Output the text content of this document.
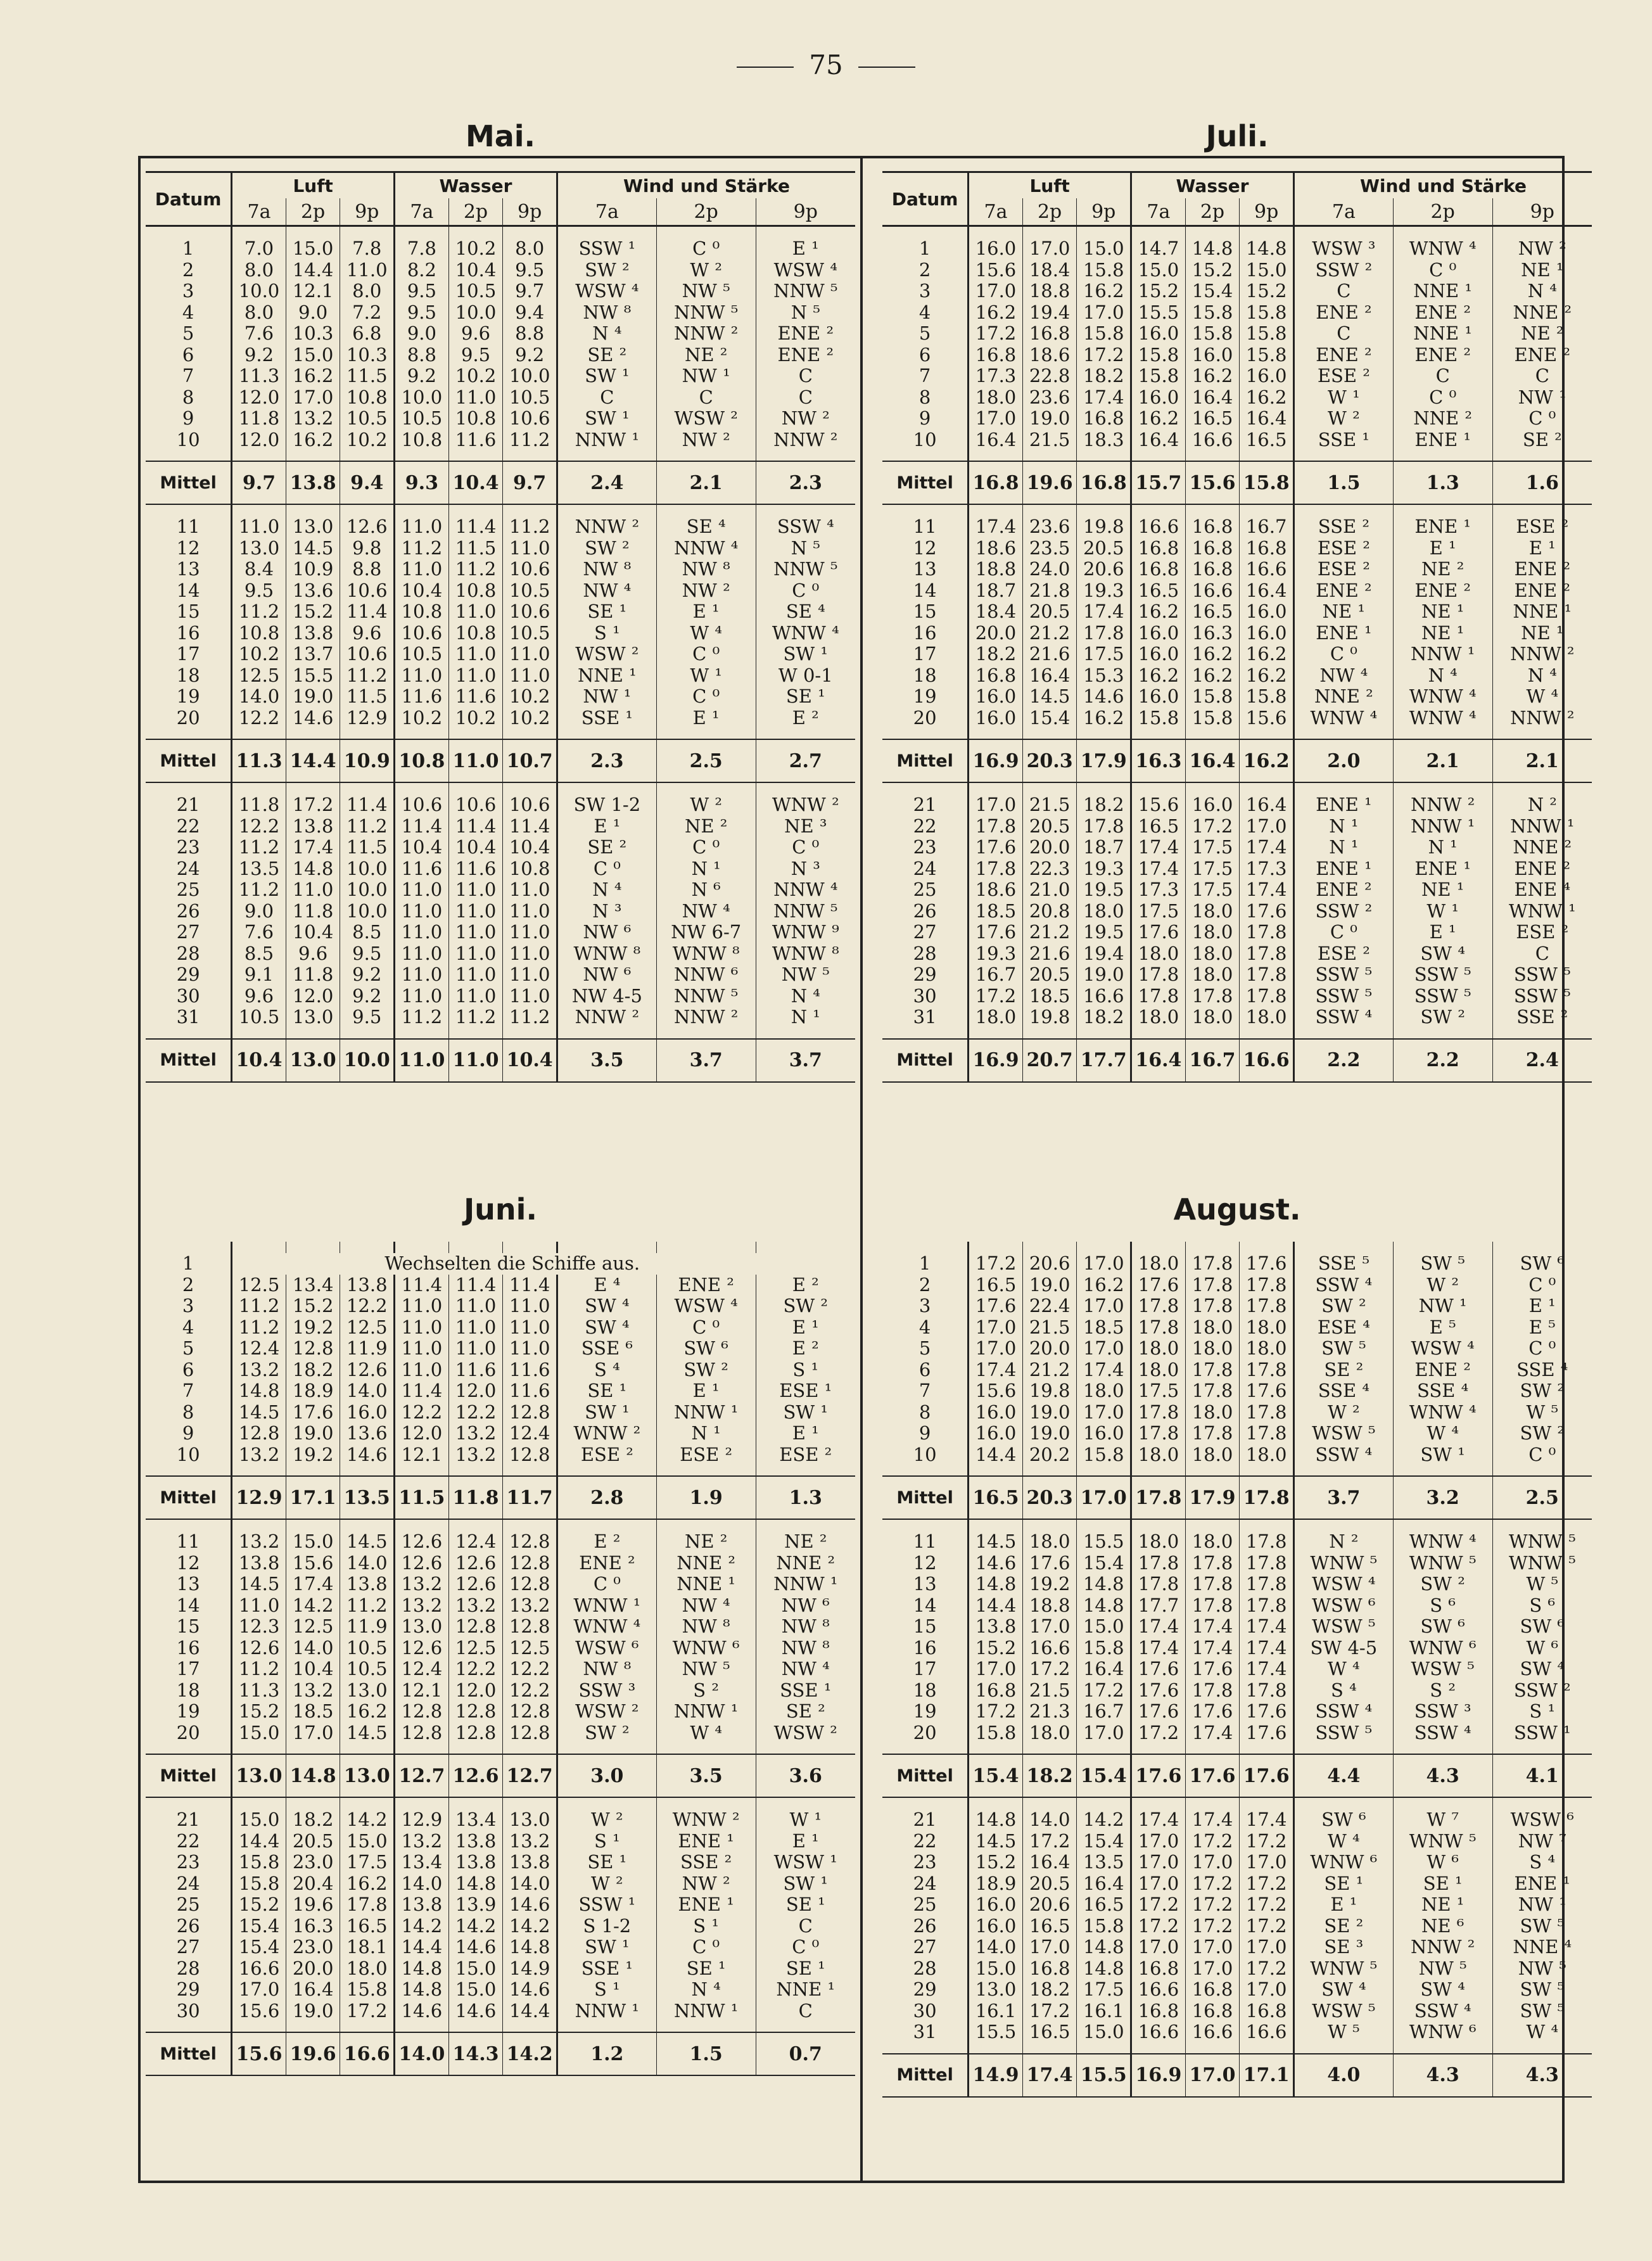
75
Mai.	Juli.
Juni.	August.
Datum	Luft			Wasser			Wind und Stärke		
	7a	2p	9p	7a	2p	9p	7a	2p	9p

1	7.0	15.0	7.8	7.8	10.2	8.0	SSW ¹	C ⁰	E ¹
2	8.0	14.4	11.0	8.2	10.4	9.5	SW ²	W ²	WSW ⁴
3	10.0	12.1	8.0	9.5	10.5	9.7	WSW ⁴	NW ⁵	NNW ⁵
4	8.0	9.0	7.2	9.5	10.0	9.4	NW ⁸	NNW ⁵	N ⁵
5	7.6	10.3	6.8	9.0	9.6	8.8	N ⁴	NNW ²	ENE ²
6	9.2	15.0	10.3	8.8	9.5	9.2	SE ²	NE ²	ENE ²
7	11.3	16.2	11.5	9.2	10.2	10.0	SW ¹	NW ¹	C
8	12.0	17.0	10.8	10.0	11.0	10.5	C	C	C
9	11.8	13.2	10.5	10.5	10.8	10.6	SW ¹	WSW ²	NW ²
10	12.0	16.2	10.2	10.8	11.6	11.2	NNW ¹	NW ²	NNW ²

Mittel	9.7	13.8	9.4	9.3	10.4	9.7	2.4	2.1	2.3

11	11.0	13.0	12.6	11.0	11.4	11.2	NNW ²	SE ⁴	SSW ⁴
12	13.0	14.5	9.8	11.2	11.5	11.0	SW ²	NNW ⁴	N ⁵
13	8.4	10.9	8.8	11.0	11.2	10.6	NW ⁸	NW ⁸	NNW ⁵
14	9.5	13.6	10.6	10.4	10.8	10.5	NW ⁴	NW ²	C ⁰
15	11.2	15.2	11.4	10.8	11.0	10.6	SE ¹	E ¹	SE ⁴
16	10.8	13.8	9.6	10.6	10.8	10.5	S ¹	W ⁴	WNW ⁴
17	10.2	13.7	10.6	10.5	11.0	11.0	WSW ²	C ⁰	SW ¹
18	12.5	15.5	11.2	11.0	11.0	11.0	NNE ¹	W ¹	W 0-1
19	14.0	19.0	11.5	11.6	11.6	10.2	NW ¹	C ⁰	SE ¹
20	12.2	14.6	12.9	10.2	10.2	10.2	SSE ¹	E ¹	E ²

Mittel	11.3	14.4	10.9	10.8	11.0	10.7	2.3	2.5	2.7

21	11.8	17.2	11.4	10.6	10.6	10.6	SW 1-2	W ²	WNW ²
22	12.2	13.8	11.2	11.4	11.4	11.4	E ¹	NE ²	NE ³
23	11.2	17.4	11.5	10.4	10.4	10.4	SE ²	C ⁰	C ⁰
24	13.5	14.8	10.0	11.6	11.6	10.8	C ⁰	N ¹	N ³
25	11.2	11.0	10.0	11.0	11.0	11.0	N ⁴	N ⁶	NNW ⁴
26	9.0	11.8	10.0	11.0	11.0	11.0	N ³	NW ⁴	NNW ⁵
27	7.6	10.4	8.5	11.0	11.0	11.0	NW ⁶	NW 6-7	WNW ⁹
28	8.5	9.6	9.5	11.0	11.0	11.0	WNW ⁸	WNW ⁸	WNW ⁸
29	9.1	11.8	9.2	11.0	11.0	11.0	NW ⁶	NNW ⁶	NW ⁵
30	9.6	12.0	9.2	11.0	11.0	11.0	NW 4-5	NNW ⁵	N ⁴
31	10.5	13.0	9.5	11.2	11.2	11.2	NNW ²	NNW ²	N ¹

Mittel	10.4	13.0	10.0	11.0	11.0	10.4	3.5	3.7	3.7
Datum	Luft			Wasser			Wind und Stärke		
	7a	2p	9p	7a	2p	9p	7a	2p	9p

1	16.0	17.0	15.0	14.7	14.8	14.8	WSW ³	WNW ⁴	NW ²
2	15.6	18.4	15.8	15.0	15.2	15.0	SSW ²	C ⁰	NE ¹
3	17.0	18.8	16.2	15.2	15.4	15.2	C	NNE ¹	N ⁴
4	16.2	19.4	17.0	15.5	15.8	15.8	ENE ²	ENE ²	NNE ²
5	17.2	16.8	15.8	16.0	15.8	15.8	C	NNE ¹	NE ²
6	16.8	18.6	17.2	15.8	16.0	15.8	ENE ²	ENE ²	ENE ²
7	17.3	22.8	18.2	15.8	16.2	16.0	ESE ²	C	C
8	18.0	23.6	17.4	16.0	16.4	16.2	W ¹	C ⁰	NW ¹
9	17.0	19.0	16.8	16.2	16.5	16.4	W ²	NNE ²	C ⁰
10	16.4	21.5	18.3	16.4	16.6	16.5	SSE ¹	ENE ¹	SE ²

Mittel	16.8	19.6	16.8	15.7	15.6	15.8	1.5	1.3	1.6

11	17.4	23.6	19.8	16.6	16.8	16.7	SSE ²	ENE ¹	ESE ²
12	18.6	23.5	20.5	16.8	16.8	16.8	ESE ²	E ¹	E ¹
13	18.8	24.0	20.6	16.8	16.8	16.6	ESE ²	NE ²	ENE ²
14	18.7	21.8	19.3	16.5	16.6	16.4	ENE ²	ENE ²	ENE ²
15	18.4	20.5	17.4	16.2	16.5	16.0	NE ¹	NE ¹	NNE ¹
16	20.0	21.2	17.8	16.0	16.3	16.0	ENE ¹	NE ¹	NE ¹
17	18.2	21.6	17.5	16.0	16.2	16.2	C ⁰	NNW ¹	NNW ²
18	16.8	16.4	15.3	16.2	16.2	16.2	NW ⁴	N ⁴	N ⁴
19	16.0	14.5	14.6	16.0	15.8	15.8	NNE ²	WNW ⁴	W ⁴
20	16.0	15.4	16.2	15.8	15.8	15.6	WNW ⁴	WNW ⁴	NNW ²

Mittel	16.9	20.3	17.9	16.3	16.4	16.2	2.0	2.1	2.1

21	17.0	21.5	18.2	15.6	16.0	16.4	ENE ¹	NNW ²	N ²
22	17.8	20.5	17.8	16.5	17.2	17.0	N ¹	NNW ¹	NNW ¹
23	17.6	20.0	18.7	17.4	17.5	17.4	N ¹	N ¹	NNE ²
24	17.8	22.3	19.3	17.4	17.5	17.3	ENE ¹	ENE ¹	ENE ²
25	18.6	21.0	19.5	17.3	17.5	17.4	ENE ²	NE ¹	ENE ⁴
26	18.5	20.8	18.0	17.5	18.0	17.6	SSW ²	W ¹	WNW ¹
27	17.6	21.2	19.5	17.6	18.0	17.8	C ⁰	E ¹	ESE ²
28	19.3	21.6	19.4	18.0	18.0	17.8	ESE ²	SW ⁴	C
29	16.7	20.5	19.0	17.8	18.0	17.8	SSW ⁵	SSW ⁵	SSW ⁵
30	17.2	18.5	16.6	17.8	17.8	17.8	SSW ⁵	SSW ⁵	SSW ⁵
31	18.0	19.8	18.2	18.0	18.0	18.0	SSW ⁴	SW ²	SSE ²

Mittel	16.9	20.7	17.7	16.4	16.7	16.6	2.2	2.2	2.4

1	Wechselten die Schiffe aus.								
2	12.5	13.4	13.8	11.4	11.4	11.4	E ⁴	ENE ²	E ²
3	11.2	15.2	12.2	11.0	11.0	11.0	SW ⁴	WSW ⁴	SW ²
4	11.2	19.2	12.5	11.0	11.0	11.0	SW ⁴	C ⁰	E ¹
5	12.4	12.8	11.9	11.0	11.0	11.0	SSE ⁶	SW ⁶	E ²
6	13.2	18.2	12.6	11.0	11.6	11.6	S ⁴	SW ²	S ¹
7	14.8	18.9	14.0	11.4	12.0	11.6	SE ¹	E ¹	ESE ¹
8	14.5	17.6	16.0	12.2	12.2	12.8	SW ¹	NNW ¹	SW ¹
9	12.8	19.0	13.6	12.0	13.2	12.4	WNW ²	N ¹	E ¹
10	13.2	19.2	14.6	12.1	13.2	12.8	ESE ²	ESE ²	ESE ²

Mittel	12.9	17.1	13.5	11.5	11.8	11.7	2.8	1.9	1.3

11	13.2	15.0	14.5	12.6	12.4	12.8	E ²	NE ²	NE ²
12	13.8	15.6	14.0	12.6	12.6	12.8	ENE ²	NNE ²	NNE ²
13	14.5	17.4	13.8	13.2	12.6	12.8	C ⁰	NNE ¹	NNW ¹
14	11.0	14.2	11.2	13.2	13.2	13.2	WNW ¹	NW ⁴	NW ⁶
15	12.3	12.5	11.9	13.0	12.8	12.8	WNW ⁴	NW ⁸	NW ⁸
16	12.6	14.0	10.5	12.6	12.5	12.5	WSW ⁶	WNW ⁶	NW ⁸
17	11.2	10.4	10.5	12.4	12.2	12.2	NW ⁸	NW ⁵	NW ⁴
18	11.3	13.2	13.0	12.1	12.0	12.2	SSW ³	S ²	SSE ¹
19	15.2	18.5	16.2	12.8	12.8	12.8	WSW ²	NNW ¹	SE ²
20	15.0	17.0	14.5	12.8	12.8	12.8	SW ²	W ⁴	WSW ²

Mittel	13.0	14.8	13.0	12.7	12.6	12.7	3.0	3.5	3.6

21	15.0	18.2	14.2	12.9	13.4	13.0	W ²	WNW ²	W ¹
22	14.4	20.5	15.0	13.2	13.8	13.2	S ¹	ENE ¹	E ¹
23	15.8	23.0	17.5	13.4	13.8	13.8	SE ¹	SSE ²	WSW ¹
24	15.8	20.4	16.2	14.0	14.8	14.0	W ²	NW ²	SW ¹
25	15.2	19.6	17.8	13.8	13.9	14.6	SSW ¹	ENE ¹	SE ¹
26	15.4	16.3	16.5	14.2	14.2	14.2	S 1-2	S ¹	C
27	15.4	23.0	18.1	14.4	14.6	14.8	SW ¹	C ⁰	C ⁰
28	16.6	20.0	18.0	14.8	15.0	14.9	SSE ¹	SE ¹	SE ¹
29	17.0	16.4	15.8	14.8	15.0	14.6	S ¹	N ⁴	NNE ¹
30	15.6	19.0	17.2	14.6	14.6	14.4	NNW ¹	NNW ¹	C

Mittel	15.6	19.6	16.6	14.0	14.3	14.2	1.2	1.5	0.7

1	17.2	20.6	17.0	18.0	17.8	17.6	SSE ⁵	SW ⁵	SW ⁶
2	16.5	19.0	16.2	17.6	17.8	17.8	SSW ⁴	W ²	C ⁰
3	17.6	22.4	17.0	17.8	17.8	17.8	SW ²	NW ¹	E ¹
4	17.0	21.5	18.5	17.8	18.0	18.0	ESE ⁴	E ⁵	E ⁵
5	17.0	20.0	17.0	18.0	18.0	18.0	SW ⁵	WSW ⁴	C ⁰
6	17.4	21.2	17.4	18.0	17.8	17.8	SE ²	ENE ²	SSE ⁴
7	15.6	19.8	18.0	17.5	17.8	17.6	SSE ⁴	SSE ⁴	SW ²
8	16.0	19.0	17.0	17.8	18.0	17.8	W ²	WNW ⁴	W ⁵
9	16.0	19.0	16.0	17.8	17.8	17.8	WSW ⁵	W ⁴	SW ²
10	14.4	20.2	15.8	18.0	18.0	18.0	SSW ⁴	SW ¹	C ⁰

Mittel	16.5	20.3	17.0	17.8	17.9	17.8	3.7	3.2	2.5

11	14.5	18.0	15.5	18.0	18.0	17.8	N ²	WNW ⁴	WNW ⁵
12	14.6	17.6	15.4	17.8	17.8	17.8	WNW ⁵	WNW ⁵	WNW ⁵
13	14.8	19.2	14.8	17.8	17.8	17.8	WSW ⁴	SW ²	W ⁵
14	14.4	18.8	14.8	17.7	17.8	17.8	WSW ⁶	S ⁶	S ⁶
15	13.8	17.0	15.0	17.4	17.4	17.4	WSW ⁵	SW ⁶	SW ⁶
16	15.2	16.6	15.8	17.4	17.4	17.4	SW 4-5	WNW ⁶	W ⁶
17	17.0	17.2	16.4	17.6	17.6	17.4	W ⁴	WSW ⁵	SW ⁴
18	16.8	21.5	17.2	17.6	17.8	17.8	S ⁴	S ²	SSW ²
19	17.2	21.3	16.7	17.6	17.6	17.6	SSW ⁴	SSW ³	S ¹
20	15.8	18.0	17.0	17.2	17.4	17.6	SSW ⁵	SSW ⁴	SSW ¹

Mittel	15.4	18.2	15.4	17.6	17.6	17.6	4.4	4.3	4.1

21	14.8	14.0	14.2	17.4	17.4	17.4	SW ⁶	W ⁷	WSW ⁶
22	14.5	17.2	15.4	17.0	17.2	17.2	W ⁴	WNW ⁵	NW ⁷
23	15.2	16.4	13.5	17.0	17.0	17.0	WNW ⁶	W ⁶	S ⁴
24	18.9	20.5	16.4	17.0	17.2	17.2	SE ¹	SE ¹	ENE ¹
25	16.0	20.6	16.5	17.2	17.2	17.2	E ¹	NE ¹	NW ¹
26	16.0	16.5	15.8	17.2	17.2	17.2	SE ²	NE ⁶	SW ⁵
27	14.0	17.0	14.8	17.0	17.0	17.0	SE ³	NNW ²	NNE ⁴
28	15.0	16.8	14.8	16.8	17.0	17.2	WNW ⁵	NW ⁵	NW ⁵
29	13.0	18.2	17.5	16.6	16.8	17.0	SW ⁴	SW ⁴	SW ⁵
30	16.1	17.2	16.1	16.8	16.8	16.8	WSW ⁵	SSW ⁴	SW ⁵
31	15.5	16.5	15.0	16.6	16.6	16.6	W ⁵	WNW ⁶	W ⁴

Mittel	14.9	17.4	15.5	16.9	17.0	17.1	4.0	4.3	4.3
